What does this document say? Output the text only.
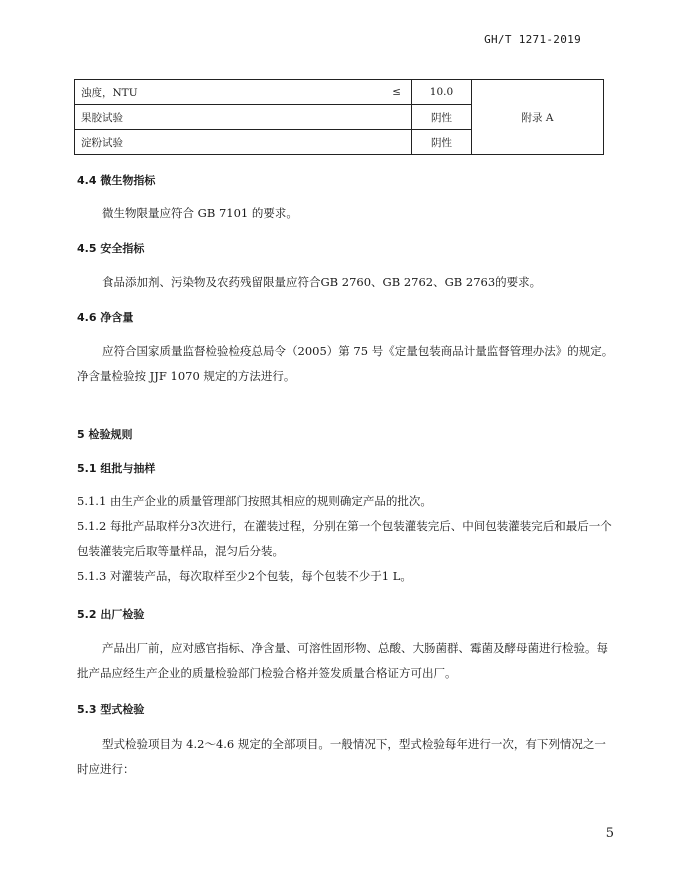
GH/T 1271-2019
浊度，NTU ≤	10.0	附录 A
果胶试验	阴性	
淀粉试验	阴性	
4.4 微生物指标
微生物限量应符合 GB 7101 的要求。
4.5 安全指标
食品添加剂、污染物及农药残留限量应符合GB 2760、GB 2762、GB 2763的要求。
4.6 净含量
应符合国家质量监督检验检疫总局令（2005）第 75 号《定量包装商品计量监督管理办法》的规定。净含量检验按 JJF 1070 规定的方法进行。
5 检验规则
5.1 组批与抽样
5.1.1 由生产企业的质量管理部门按照其相应的规则确定产品的批次。
5.1.2 每批产品取样分3次进行，在灌装过程，分别在第一个包装灌装完后、中间包装灌装完后和最后一个包装灌装完后取等量样品，混匀后分装。
5.1.3 对灌装产品，每次取样至少2个包装，每个包装不少于1 L。
5.2 出厂检验
产品出厂前，应对感官指标、净含量、可溶性固形物、总酸、大肠菌群、霉菌及酵母菌进行检验。每批产品应经生产企业的质量检验部门检验合格并签发质量合格证方可出厂。
5.3 型式检验
型式检验项目为 4.2～4.6 规定的全部项目。一般情况下，型式检验每年进行一次，有下列情况之一时应进行：
5
